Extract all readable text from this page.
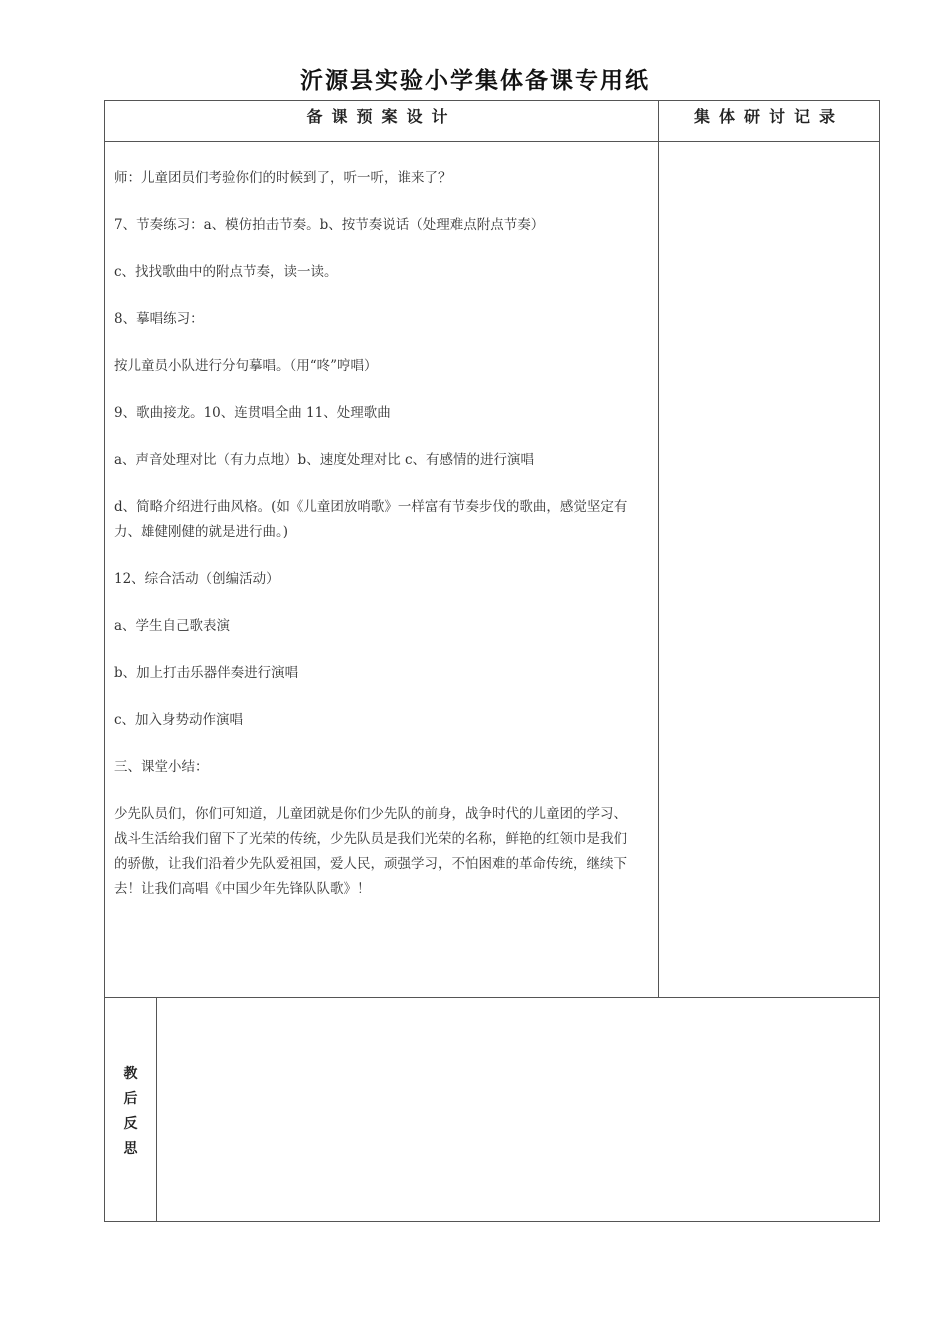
沂源县实验小学集体备课专用纸
备课预案设计	集体研讨记录

师：儿童团员们考验你们的时候到了，听一听，谁来了？

7、节奏练习：a、模仿拍击节奏。b、按节奏说话（处理难点附点节奏）

c、找找歌曲中的附点节奏，读一读。

8、摹唱练习：

按儿童员小队进行分句摹唱。（用“咚”哼唱）

9、歌曲接龙。10、连贯唱全曲 11、处理歌曲

a、声音处理对比（有力点地）b、速度处理对比 c、有感情的进行演唱

d、简略介绍进行曲风格。(如《儿童团放哨歌》一样富有节奏步伐的歌曲，感觉坚定有力、雄健刚健的就是进行曲。)

12、综合活动（创编活动）

a、学生自己歌表演

b、加上打击乐器伴奏进行演唱

c、加入身势动作演唱

三、课堂小结：

少先队员们，你们可知道，儿童团就是你们少先队的前身，战争时代的儿童团的学习、战斗生活给我们留下了光荣的传统，少先队员是我们光荣的名称，鲜艳的红领巾是我们的骄傲，让我们沿着少先队爱祖国，爱人民，顽强学习，不怕困难的革命传统，继续下去！让我们高唱《中国少年先锋队队歌》！

教
后
反
思
